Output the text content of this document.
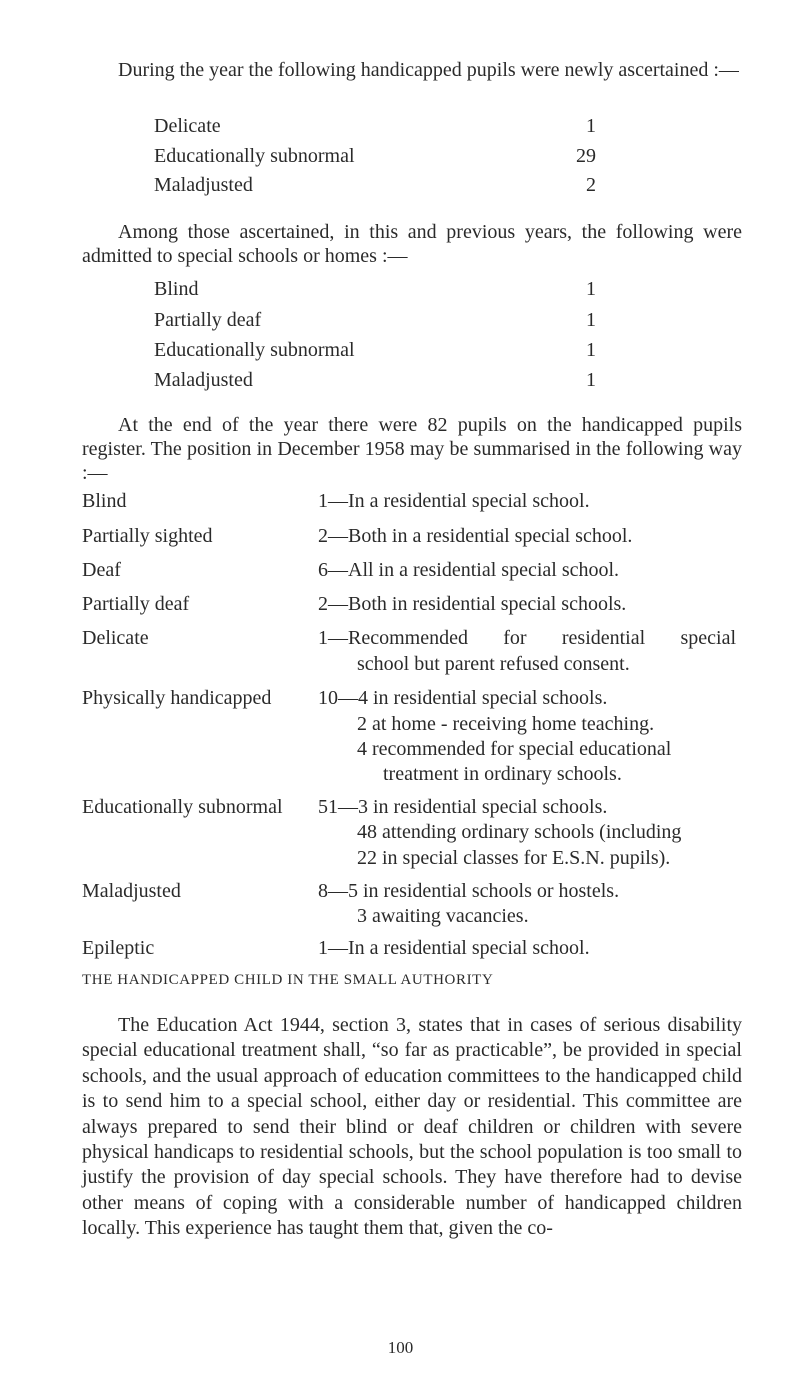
During the year the following handicapped pupils were newly ascertained :—

Delicate	1
Educationally subnormal	29
Maladjusted	2

Among those ascertained, in this and previous years, the following were admitted to special schools or homes :—

Blind	1
Partially deaf	1
Educationally subnormal	1
Maladjusted	1

At the end of the year there were 82 pupils on the handicapped pupils register. The position in December 1958 may be summarised in the following way :—

Blind	1—In a residential special school.
Partially sighted	2—Both in a residential special school.
Deaf	6—All in a residential special school.
Partially deaf	2—Both in residential special schools.
Delicate	1—Recommended for residential special
school but parent refused consent.
Physically handicapped 10—4 in residential special schools.
2 at home - receiving home teaching.
4 recommended for special educational
treatment in ordinary schools.
Educationally subnormal 51—3 in residential special schools.
48 attending ordinary schools (including
22 in special classes for E.S.N. pupils).
Maladjusted	8—5 in residential schools or hostels.
3 awaiting vacancies.
Epileptic	1—In a residential special school.
THE HANDICAPPED CHILD IN THE SMALL AUTHORITY

The Education Act 1944, section 3, states that in cases of serious disability special educational treatment shall, “so far as practicable”, be provided in special schools, and the usual approach of education committees to the handicapped child is to send him to a special school, either day or residential. This committee are always prepared to send their blind or deaf children or children with severe physical handicaps to residential schools, but the school population is too small to justify the provision of day special schools. They have therefore had to devise other means of coping with a considerable number of handicapped children locally. This experience has taught them that, given the co-

100
